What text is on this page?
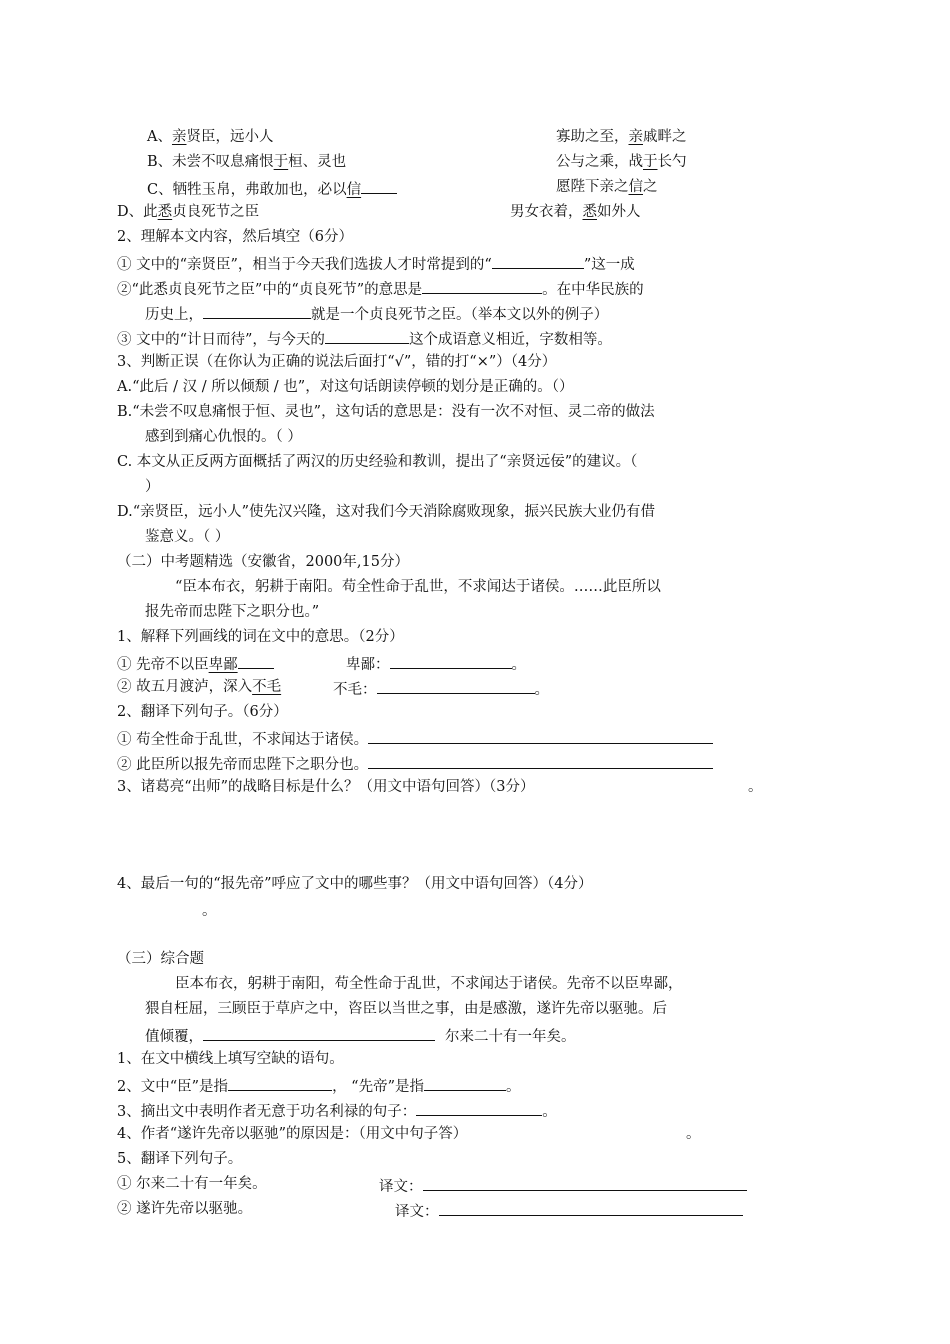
A、亲贤臣，远小人	寡助之至，亲戚畔之
B、未尝不叹息痛恨于桓、灵也	公与之乘，战于长勺
C、牺牲玉帛，弗敢加也，必以信	愿陛下亲之信之
D、此悉贞良死节之臣	男女衣着，悉如外人
2、理解本文内容，然后填空（6分）
① 文中的“亲贤臣”，相当于今天我们选拔人才时常提到的“	”这一成
②“此悉贞良死节之臣”中的“贞良死节”的意思是	。在中华民族的
历史上，	就是一个贞良死节之臣。（举本文以外的例子）
③ 文中的“计日而待”，与今天的	这个成语意义相近，字数相等。
3、判断正误（在你认为正确的说法后面打“√”，错的打“×”）（4分）
A.“此后 / 汉 / 所以倾颓 / 也”，对这句话朗读停顿的划分是正确的。（）
B.“未尝不叹息痛恨于恒、灵也”，这句话的意思是：没有一次不对恒、灵二帝的做法
感到到痛心仇恨的。（ ）
C. 本文从正反两方面概括了两汉的历史经验和教训，提出了“亲贤远佞”的建议。（
）
D.“亲贤臣，远小人”使先汉兴隆，这对我们今天消除腐败现象，振兴民族大业仍有借
鉴意义。（ ）
（二）中考题精选（安徽省，2000年,15分）
“臣本布衣，躬耕于南阳。苟全性命于乱世，不求闻达于诸侯。……此臣所以
报先帝而忠陛下之职分也。”
1、解释下列画线的词在文中的意思。（2分）
① 先帝不以臣卑鄙	卑鄙：	。
② 故五月渡泸，深入不毛	不毛：	。
2、翻译下列句子。（6分）
① 苟全性命于乱世，不求闻达于诸侯。
② 此臣所以报先帝而忠陛下之职分也。
3、诸葛亮“出师”的战略目标是什么？（用文中语句回答）（3分）	。
4、最后一句的“报先帝”呼应了文中的哪些事？（用文中语句回答）（4分）
。
（三）综合题
臣本布衣，躬耕于南阳，苟全性命于乱世，不求闻达于诸侯。先帝不以臣卑鄙，
猥自枉屈，三顾臣于草庐之中，咨臣以当世之事，由是感激，遂许先帝以驱驰。后
值倾覆，	尔来二十有一年矣。
1、在文中横线上填写空缺的语句。
2、文中“臣”是指	， “先帝”是指	。
3、摘出文中表明作者无意于功名利禄的句子：	。
4、作者“遂许先帝以驱驰”的原因是：（用文中句子答）	。
5、翻译下列句子。
① 尔来二十有一年矣。	译文：
② 遂许先帝以驱驰。	译文：
